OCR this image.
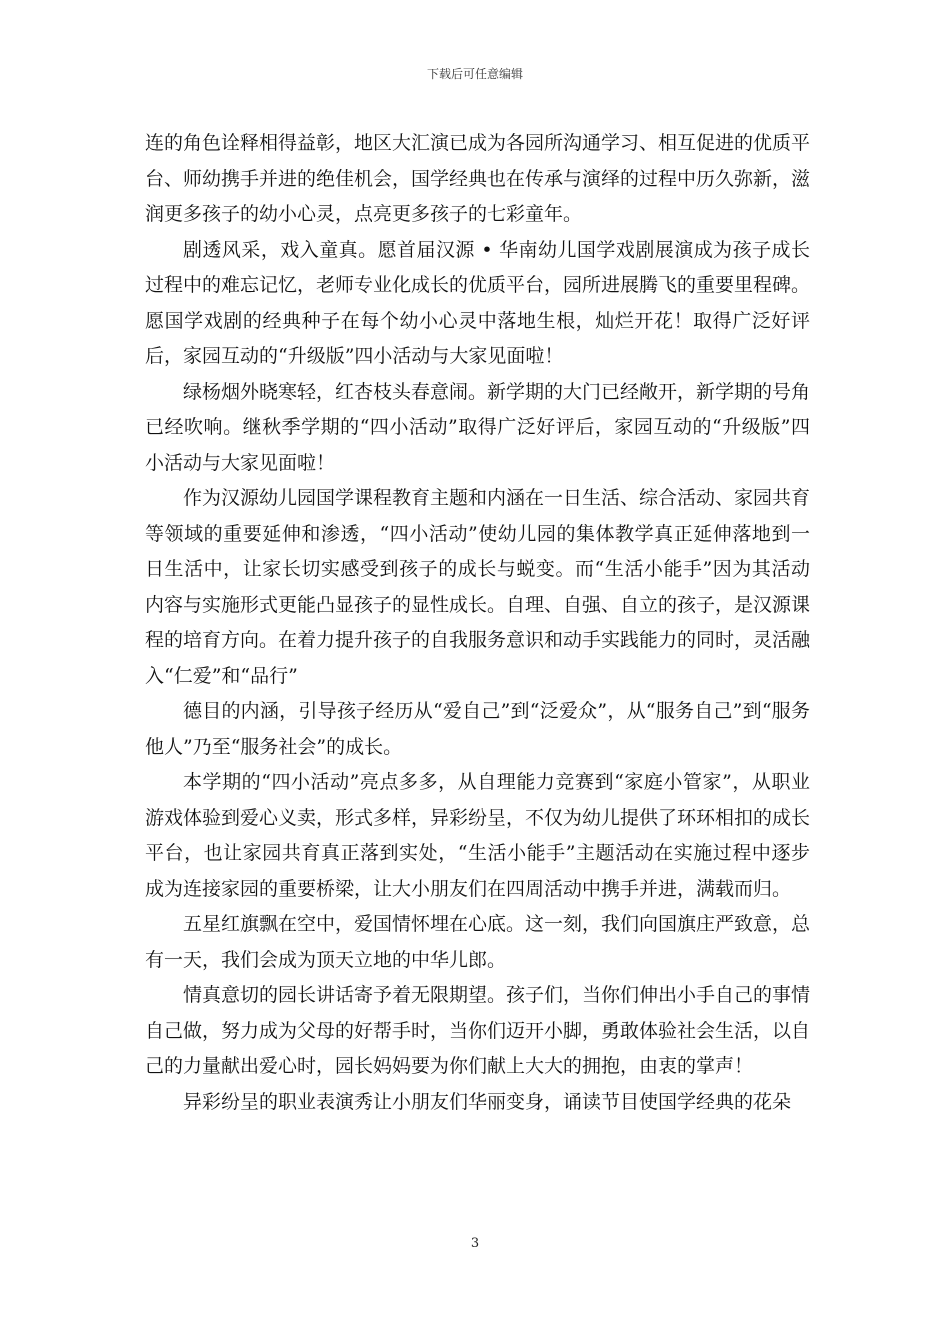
下载后可任意编辑

连的角色诠释相得益彰，地区大汇演已成为各园所沟通学习、相互促进的优质平台、师幼携手并进的绝佳机会，国学经典也在传承与演绎的过程中历久弥新，滋润更多孩子的幼小心灵，点亮更多孩子的七彩童年。

剧透风采，戏入童真。愿首届汉源 • 华南幼儿国学戏剧展演成为孩子成长过程中的难忘记忆，老师专业化成长的优质平台，园所进展腾飞的重要里程碑。愿国学戏剧的经典种子在每个幼小心灵中落地生根，灿烂开花！取得广泛好评后，家园互动的“升级版”四小活动与大家见面啦！

绿杨烟外晓寒轻，红杏枝头春意闹。新学期的大门已经敞开，新学期的号角已经吹响。继秋季学期的“四小活动”取得广泛好评后，家园互动的“升级版”四小活动与大家见面啦！

作为汉源幼儿园国学课程教育主题和内涵在一日生活、综合活动、家园共育等领域的重要延伸和渗透，“四小活动”使幼儿园的集体教学真正延伸落地到一日生活中，让家长切实感受到孩子的成长与蜕变。而“生活小能手”因为其活动内容与实施形式更能凸显孩子的显性成长。自理、自强、自立的孩子，是汉源课程的培育方向。在着力提升孩子的自我服务意识和动手实践能力的同时，灵活融入“仁爱”和“品行”

德目的内涵，引导孩子经历从“爱自己”到“泛爱众”，从“服务自己”到“服务他人”乃至“服务社会”的成长。

本学期的“四小活动”亮点多多，从自理能力竞赛到“家庭小管家”，从职业游戏体验到爱心义卖，形式多样，异彩纷呈，不仅为幼儿提供了环环相扣的成长平台，也让家园共育真正落到实处，“生活小能手”主题活动在实施过程中逐步成为连接家园的重要桥梁，让大小朋友们在四周活动中携手并进，满载而归。

五星红旗飘在空中，爱国情怀埋在心底。这一刻，我们向国旗庄严致意，总有一天，我们会成为顶天立地的中华儿郎。

情真意切的园长讲话寄予着无限期望。孩子们，当你们伸出小手自己的事情自己做，努力成为父母的好帮手时，当你们迈开小脚，勇敢体验社会生活，以自己的力量献出爱心时，园长妈妈要为你们献上大大的拥抱，由衷的掌声！

异彩纷呈的职业表演秀让小朋友们华丽变身，诵读节目使国学经典的花朵

3
